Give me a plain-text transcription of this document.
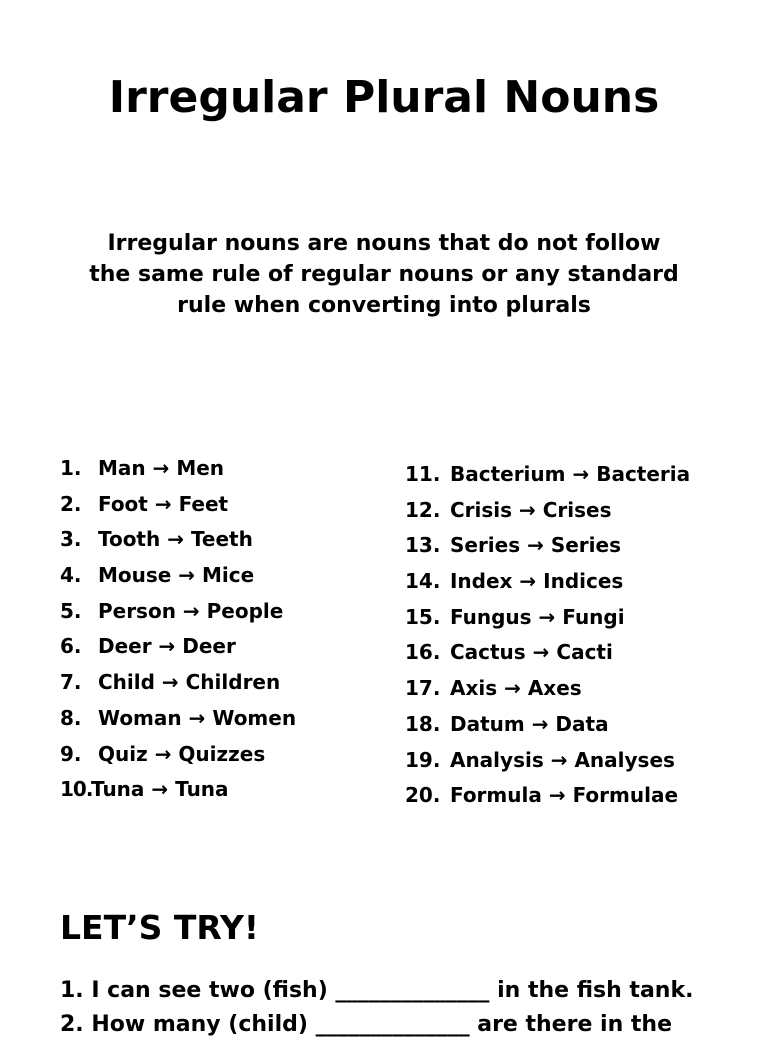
Irregular Plural Nouns

Irregular nouns are nouns that do not follow the same rule of regular nouns or any standard rule when converting into plurals

1. Man → Men
2. Foot → Feet
3. Tooth → Teeth
4. Mouse → Mice
5. Person → People
6. Deer → Deer
7. Child → Children
8. Woman → Women
9. Quiz → Quizzes
10.Tuna → Tuna
11. Bacterium → Bacteria
12. Crisis → Crises
13. Series → Series
14. Index → Indices
15. Fungus → Fungi
16. Cactus → Cacti
17. Axis → Axes
18. Datum → Data
19. Analysis → Analyses
20. Formula → Formulae
LET’S TRY!

1. I can see two (fish) ______________ in the fish tank.

2. How many (child) ______________ are there in the
